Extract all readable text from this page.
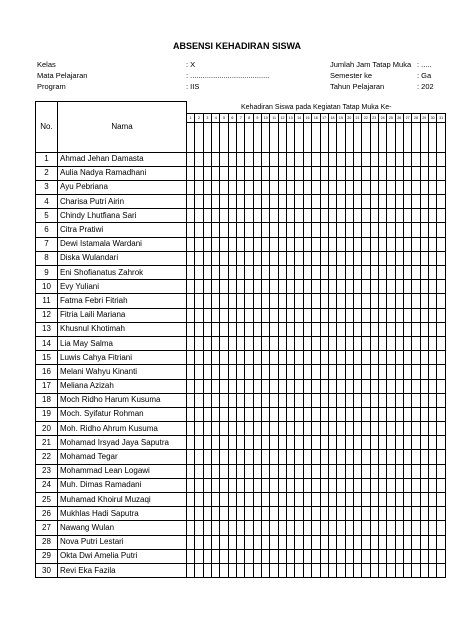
ABSENSI KEHADIRAN SISWA
Kelas	: X
Mata Pelajaran	: ......................................
Program	: IIS
Jumlah Jam Tatap Muka : .....
Semester ke	: Ga
Tahun Pelajaran	: 202
No.	Nama	Kehadiran Siswa pada Kegiatan Tatap Muka Ke-																														
		1	2	3	4	5	6	7	8	9	10	11	12	13	14	15	16	17	18	19	20	21	22	23	24	25	26	27	28	29	30	31

1	Ahmad Jehan Damasta																															
2	Aulia Nadya Ramadhani																															
3	Ayu Pebriana																															
4	Charisa Putri Airin																															
5	Chindy Lhutfiana Sari																															
6	Citra Pratiwi																															
7	Dewi Istamala Wardani																															
8	Diska Wulandari																															
9	Eni Shofianatus Zahrok																															
10	Evy Yuliani																															
11	Fatma Febri Fitriah																															
12	Fitria Laili Mariana																															
13	Khusnul Khotimah																															
14	Lia May Salma																															
15	Luwis Cahya Fitriani																															
16	Melani Wahyu Kinanti																															
17	Meliana Azizah																															
18	Moch Ridho Harum Kusuma																															
19	Moch. Syifatur Rohman																															
20	Moh. Ridho Ahrum Kusuma																															
21	Mohamad Irsyad Jaya Saputra																															
22	Mohamad Tegar																															
23	Mohammad Lean Logawi																															
24	Muh. Dimas Ramadani																															
25	Muhamad Khoirul Muzaqi																															
26	Mukhlas Hadi Saputra																															
27	Nawang Wulan																															
28	Nova Putri Lestari																															
29	Okta Dwi Amelia Putri																															
30	Revi Eka Fazila																															
